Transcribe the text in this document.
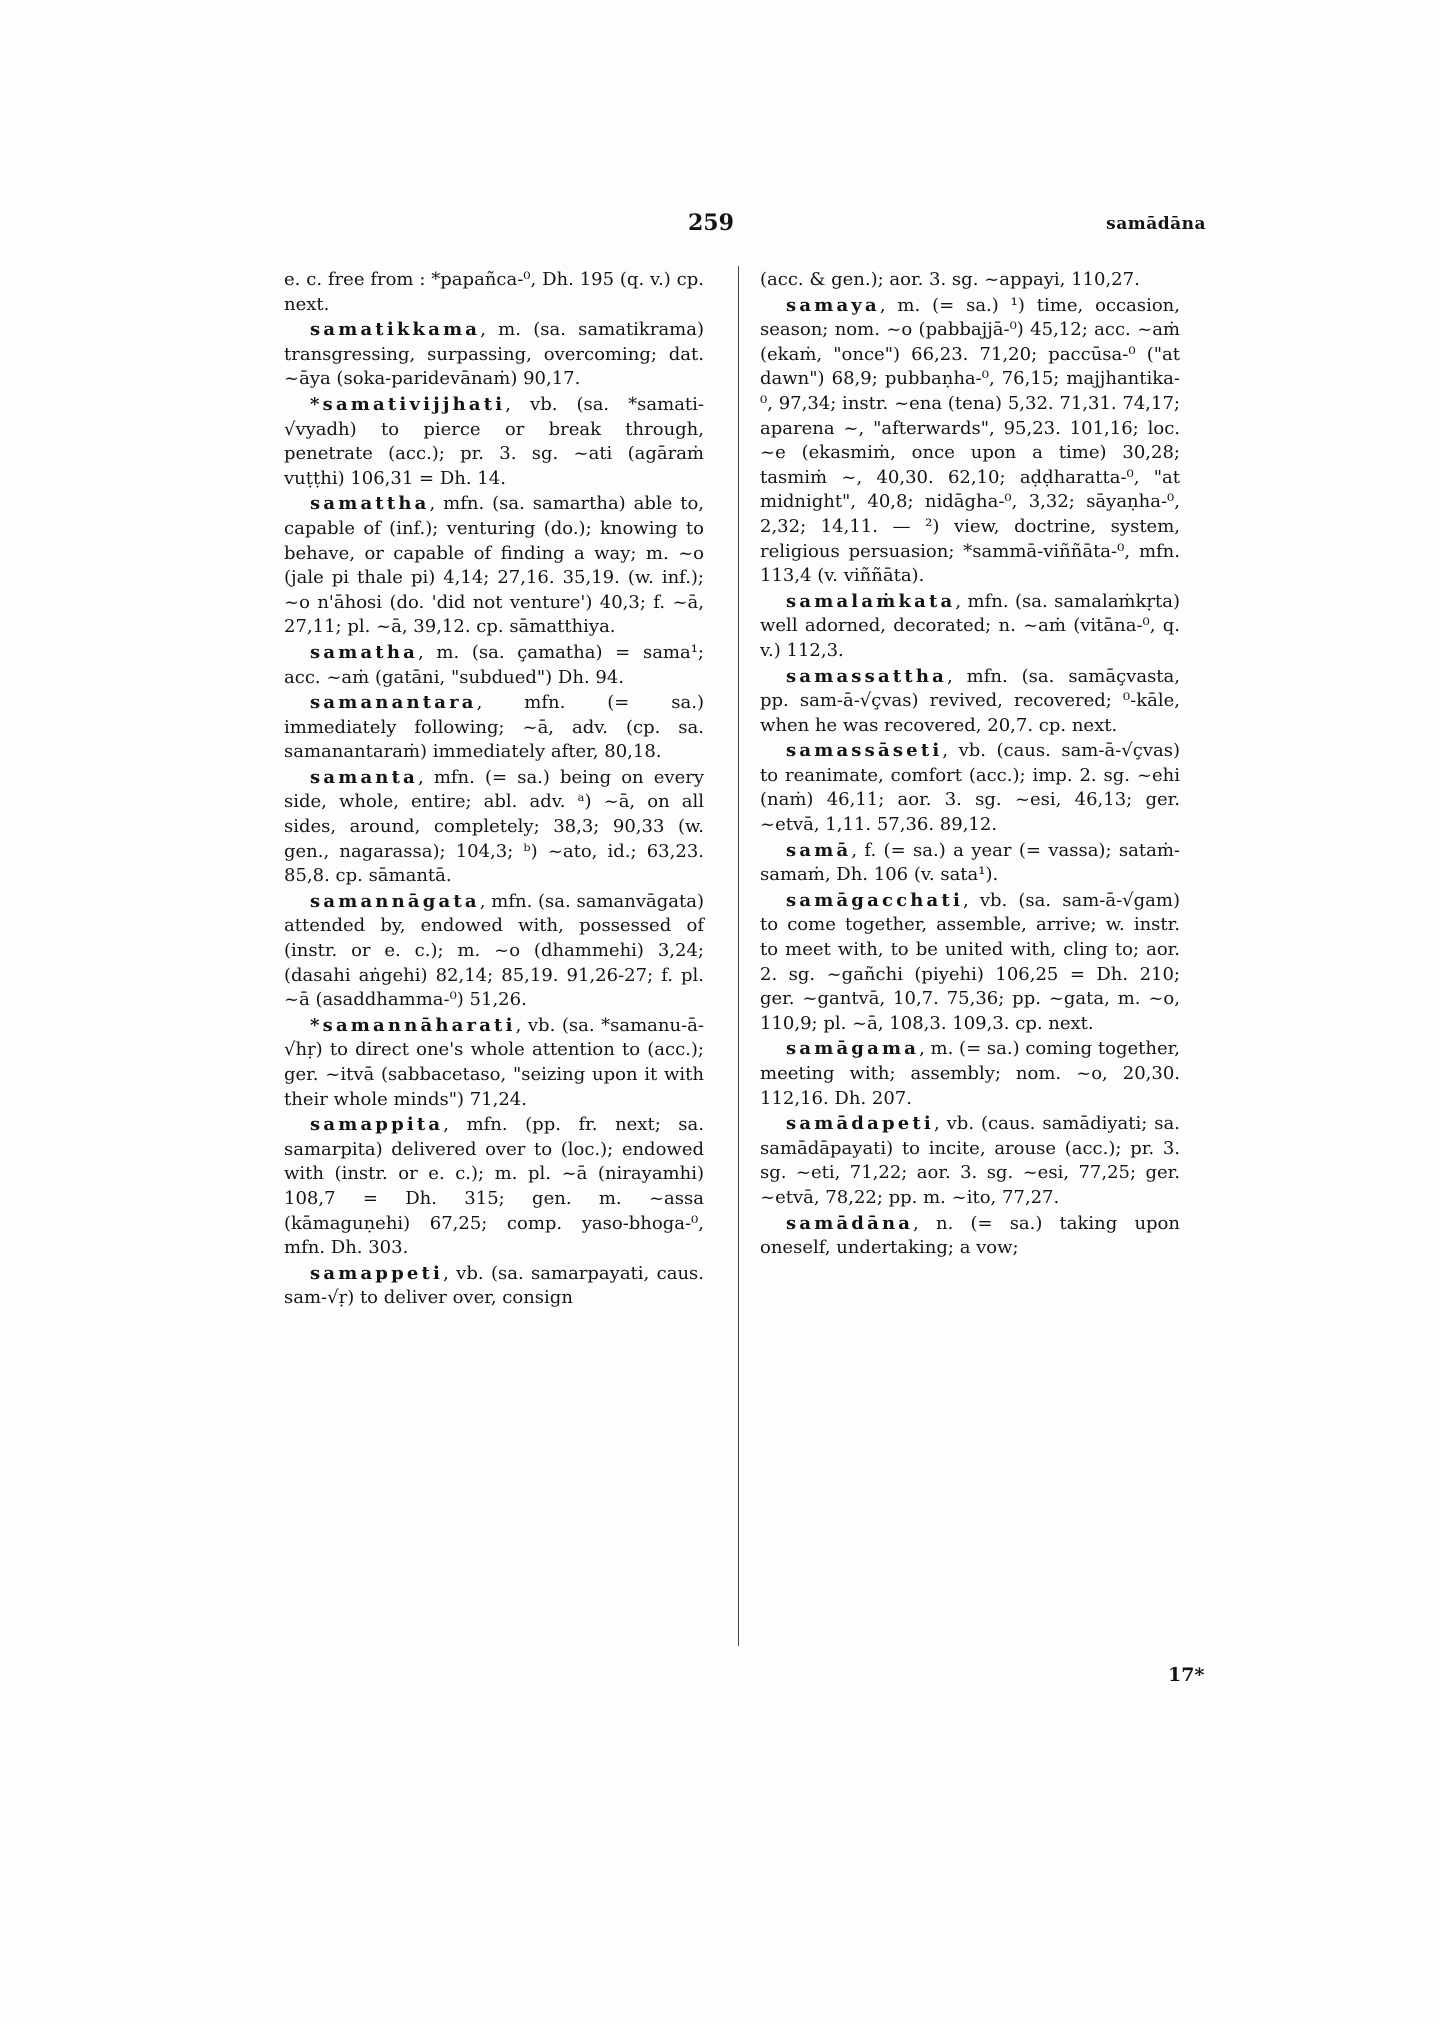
259	samādāna

e. c. free from : *papañca-⁰, Dh. 195 (q. v.) cp. next.

samatikkama, m. (sa. samatikrama) transgressing, surpassing, overcoming; dat. ~āya (soka-paridevānaṁ) 90,17.

*samativijjhati, vb. (sa. *samati-√vyadh) to pierce or break through, penetrate (acc.); pr. 3. sg. ~ati (agāraṁ vuṭṭhi) 106,31 = Dh. 14.

samattha, mfn. (sa. samartha) able to, capable of (inf.); venturing (do.); knowing to behave, or capable of finding a way; m. ~o (jale pi thale pi) 4,14; 27,16. 35,19. (w. inf.); ~o n'āhosi (do. 'did not venture') 40,3; f. ~ā, 27,11; pl. ~ā, 39,12. cp. sāmatthiya.

samatha, m. (sa. çamatha) = sama¹; acc. ~aṁ (gatāni, "subdued") Dh. 94.

samanantara, mfn. (= sa.) immediately following; ~ā, adv. (cp. sa. samanantaraṁ) immediately after, 80,18.

samanta, mfn. (= sa.) being on every side, whole, entire; abl. adv. ᵃ) ~ā, on all sides, around, completely; 38,3; 90,33 (w. gen., nagarassa); 104,3; ᵇ) ~ato, id.; 63,23. 85,8. cp. sāmantā.

samannāgata, mfn. (sa. samanvāgata) attended by, endowed with, possessed of (instr. or e. c.); m. ~o (dhammehi) 3,24; (dasahi aṅgehi) 82,14; 85,19. 91,26-27; f. pl. ~ā (asaddhamma-⁰) 51,26.

*samannāharati, vb. (sa. *samanu-ā-√hṛ) to direct one's whole attention to (acc.); ger. ~itvā (sabbacetaso, "seizing upon it with their whole minds") 71,24.

samappita, mfn. (pp. fr. next; sa. samarpita) delivered over to (loc.); endowed with (instr. or e. c.); m. pl. ~ā (nirayamhi) 108,7 = Dh. 315; gen. m. ~assa (kāmaguṇehi) 67,25; comp. yaso-bhoga-⁰, mfn. Dh. 303.

samappeti, vb. (sa. samarpayati, caus. sam-√ṛ) to deliver over, consign

(acc. & gen.); aor. 3. sg. ~appayi, 110,27.

samaya, m. (= sa.) ¹) time, occasion, season; nom. ~o (pabbajjā-⁰) 45,12; acc. ~aṁ (ekaṁ, "once") 66,23. 71,20; paccūsa-⁰ ("at dawn") 68,9; pubbaṇha-⁰, 76,15; majjhantika-⁰, 97,34; instr. ~ena (tena) 5,32. 71,31. 74,17; aparena ~, "afterwards", 95,23. 101,16; loc. ~e (ekasmiṁ, once upon a time) 30,28; tasmiṁ ~, 40,30. 62,10; aḍḍharatta-⁰, "at midnight", 40,8; nidāgha-⁰, 3,32; sāyaṇha-⁰, 2,32; 14,11. — ²) view, doctrine, system, religious persuasion; *sammā-viññāta-⁰, mfn. 113,4 (v. viññāta).

samalaṁkata, mfn. (sa. samalaṁkṛta) well adorned, decorated; n. ~aṁ (vitāna-⁰, q. v.) 112,3.

samassattha, mfn. (sa. samāçvasta, pp. sam-ā-√çvas) revived, recovered; ⁰-kāle, when he was recovered, 20,7. cp. next.

samassāseti, vb. (caus. sam-ā-√çvas) to reanimate, comfort (acc.); imp. 2. sg. ~ehi (naṁ) 46,11; aor. 3. sg. ~esi, 46,13; ger. ~etvā, 1,11. 57,36. 89,12.

samā, f. (= sa.) a year (= vassa); sataṁ-samaṁ, Dh. 106 (v. sata¹).

samāgacchati, vb. (sa. sam-ā-√gam) to come together, assemble, arrive; w. instr. to meet with, to be united with, cling to; aor. 2. sg. ~gañchi (piyehi) 106,25 = Dh. 210; ger. ~gantvā, 10,7. 75,36; pp. ~gata, m. ~o, 110,9; pl. ~ā, 108,3. 109,3. cp. next.

samāgama, m. (= sa.) coming together, meeting with; assembly; nom. ~o, 20,30. 112,16. Dh. 207.

samādapeti, vb. (caus. samādiyati; sa. samādāpayati) to incite, arouse (acc.); pr. 3. sg. ~eti, 71,22; aor. 3. sg. ~esi, 77,25; ger. ~etvā, 78,22; pp. m. ~ito, 77,27.

samādāna, n. (= sa.) taking upon oneself, undertaking; a vow;

17*
